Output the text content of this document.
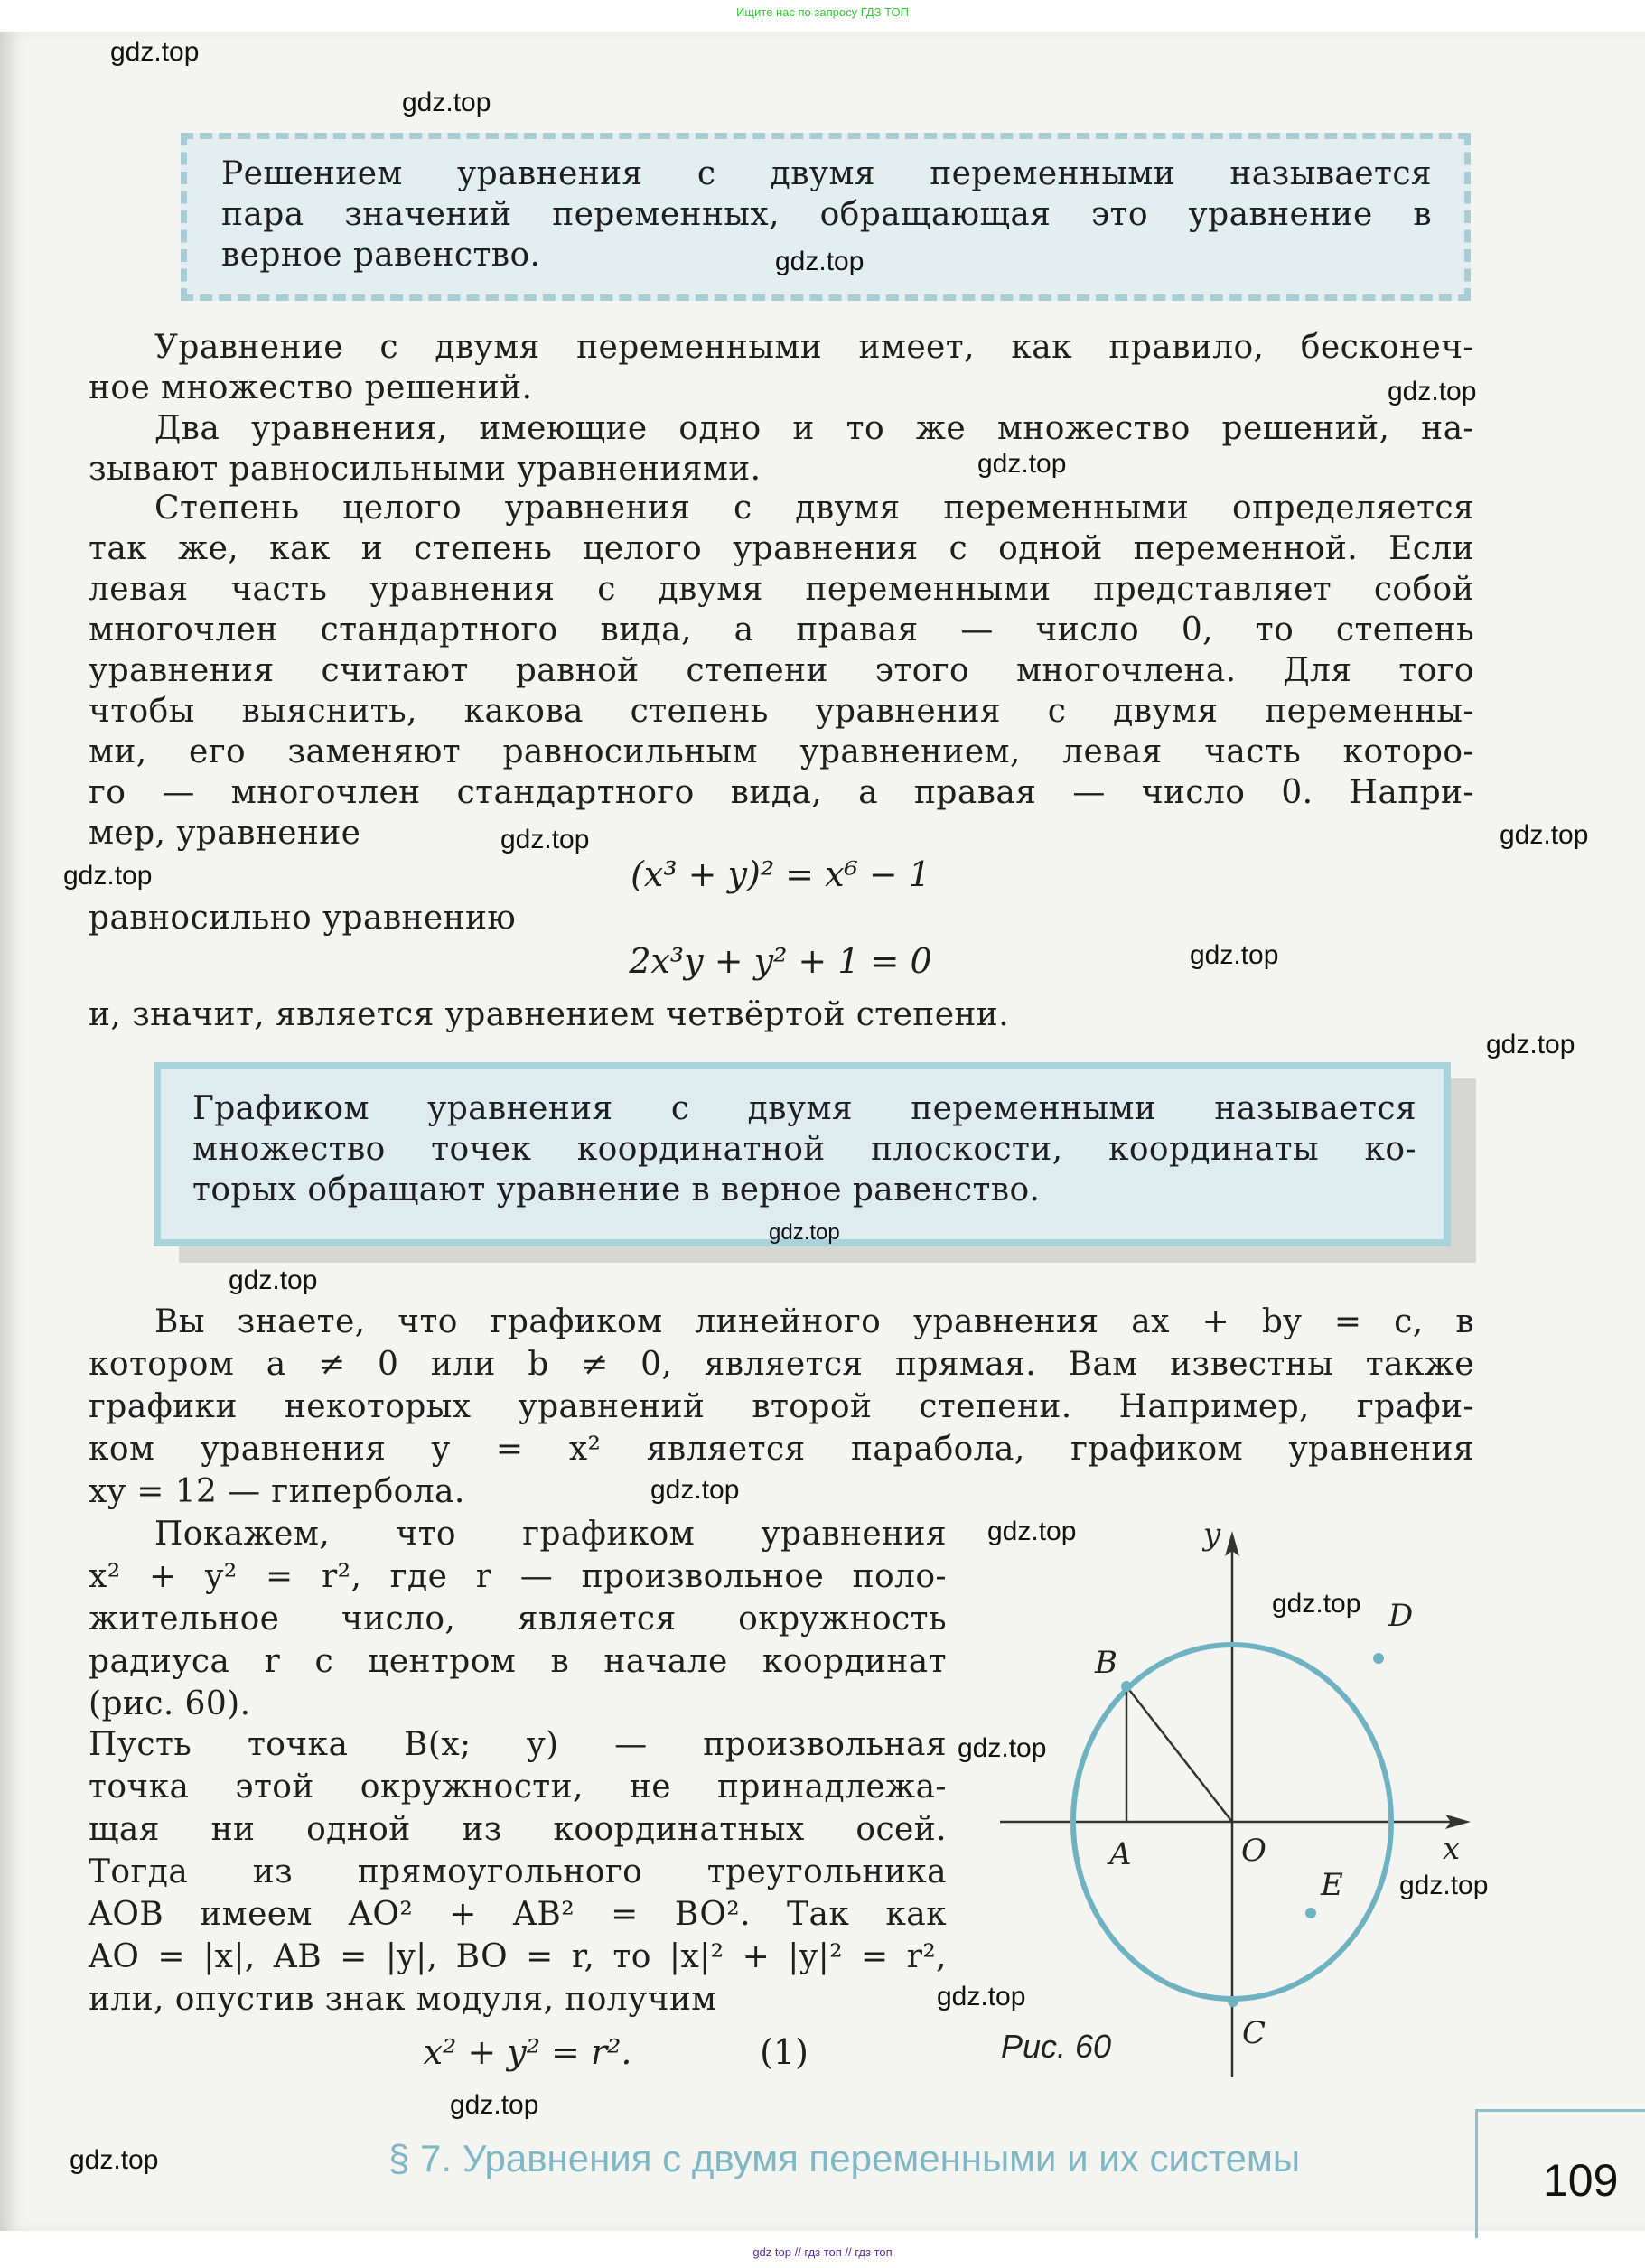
Ищите нас по запросу ГДЗ ТОП
Решением уравнения с двумя переменными называется
пара значений переменных, обращающая это уравнение в
верное равенство.
Уравнение с двумя переменными имеет, как правило, бесконеч-
ное множество решений.
Два уравнения, имеющие одно и то же множество решений, на-
зывают равносильными уравнениями.
Степень целого уравнения с двумя переменными определяется
так же, как и степень целого уравнения с одной переменной. Если
левая часть уравнения с двумя переменными представляет собой
многочлен стандартного вида, а правая — число 0, то степень
уравнения считают равной степени этого многочлена. Для того
чтобы выяснить, какова степень уравнения с двумя переменны-
ми, его заменяют равносильным уравнением, левая часть которо-
го — многочлен стандартного вида, а правая — число 0. Напри-
мер, уравнение
(x³ + y)² = x⁶ − 1
равносильно уравнению
2x³y + y² + 1 = 0
и, значит, является уравнением четвёртой степени.
Графиком уравнения с двумя переменными называется
множество точек координатной плоскости, координаты ко-
торых обращают уравнение в верное равенство.
Вы знаете, что графиком линейного уравнения ax + by = c, в
котором a ≠ 0 или b ≠ 0, является прямая. Вам известны также
графики некоторых уравнений второй степени. Например, графи-
ком уравнения y = x² является парабола, графиком уравнения
xy = 12 — гипербола.
Покажем, что графиком уравнения
x² + y² = r², где r — произвольное поло-
жительное число, является окружность
радиуса r с центром в начале координат
(рис. 60).
Пусть точка B(x; y) — произвольная
точка этой окружности, не принадлежа-
щая ни одной из координатных осей.
Тогда из прямоугольного треугольника
AOB имеем AO² + AB² = BO². Так как
AO = |x|, AB = |y|, BO = r, то |x|² + |y|² = r²,
или, опустив знак модуля, получим
x² + y² = r².	(1)
y
x
O
A
B
C
D
E
Рис. 60
§ 7. Уравнения с двумя переменными и их системы	109
gdz.top
gdz.top
gdz.top
gdz.top
gdz.top
gdz.top
gdz.top
gdz.top
gdz.top
gdz.top
gdz.top
gdz.top
gdz.top
gdz.top
gdz.top
gdz.top
gdz.top
gdz.top
gdz.top
gdz.top
gdz top // гдз топ // гдз топ
